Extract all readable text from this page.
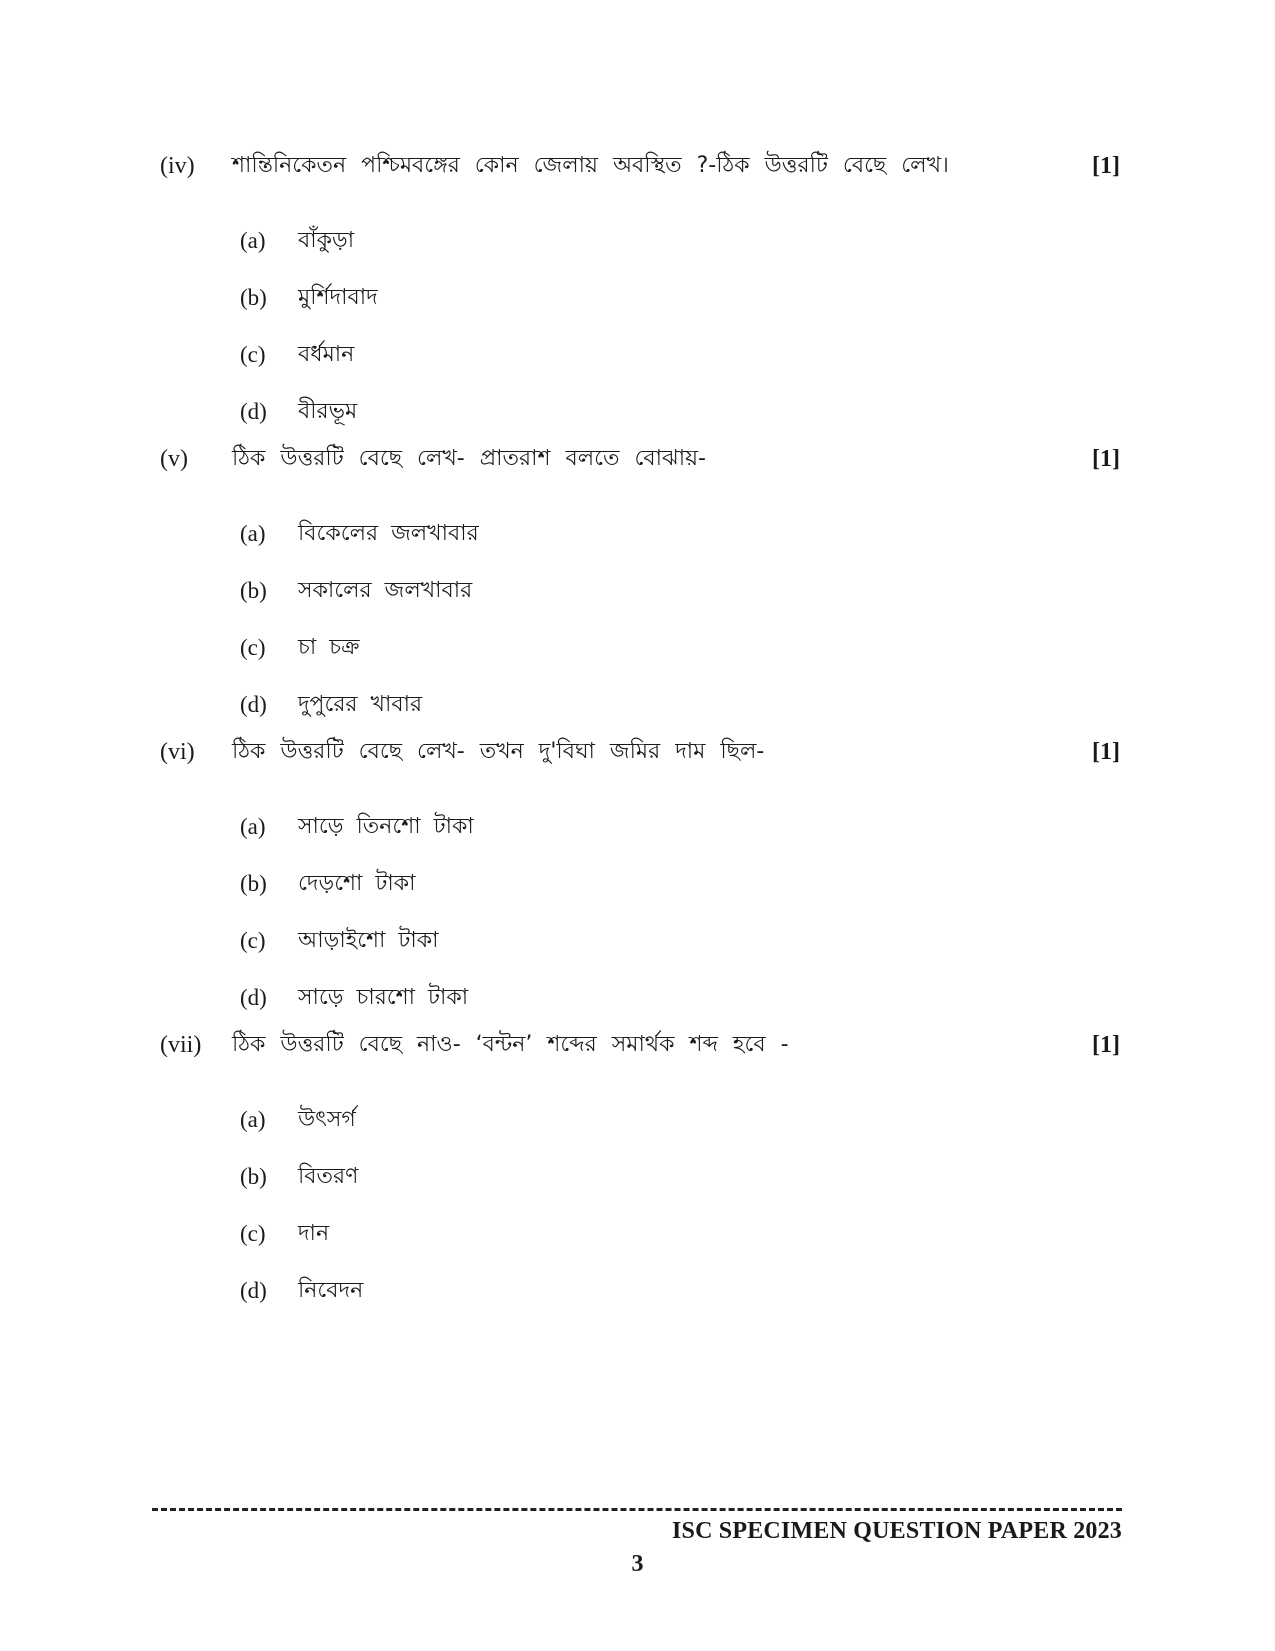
(iv) শান্তিনিকেতন পশ্চিমবঙ্গের কোন জেলায় অবস্থিত ?-ঠিক উত্তরটি বেছে লেখ।	[1]
(a) বাঁকুড়া
(b) মুর্শিদাবাদ
(c) বর্ধমান
(d) বীরভূম
(v) ঠিক উত্তরটি বেছে লেখ- প্রাতরাশ বলতে বোঝায়-	[1]
(a) বিকেলের জলখাবার
(b) সকালের জলখাবার
(c) চা চক্র
(d) দুপুরের খাবার
(vi) ঠিক উত্তরটি বেছে লেখ- তখন দু'বিঘা জমির দাম ছিল-	[1]
(a) সাড়ে তিনশো টাকা
(b) দেড়শো টাকা
(c) আড়াইশো টাকা
(d) সাড়ে চারশো টাকা
(vii) ঠিক উত্তরটি বেছে নাও- ‘বন্টন’ শব্দের সমার্থক শব্দ হবে -	[1]
(a) উৎসর্গ
(b) বিতরণ
(c) দান
(d) নিবেদন
ISC SPECIMEN QUESTION PAPER 2023
3
